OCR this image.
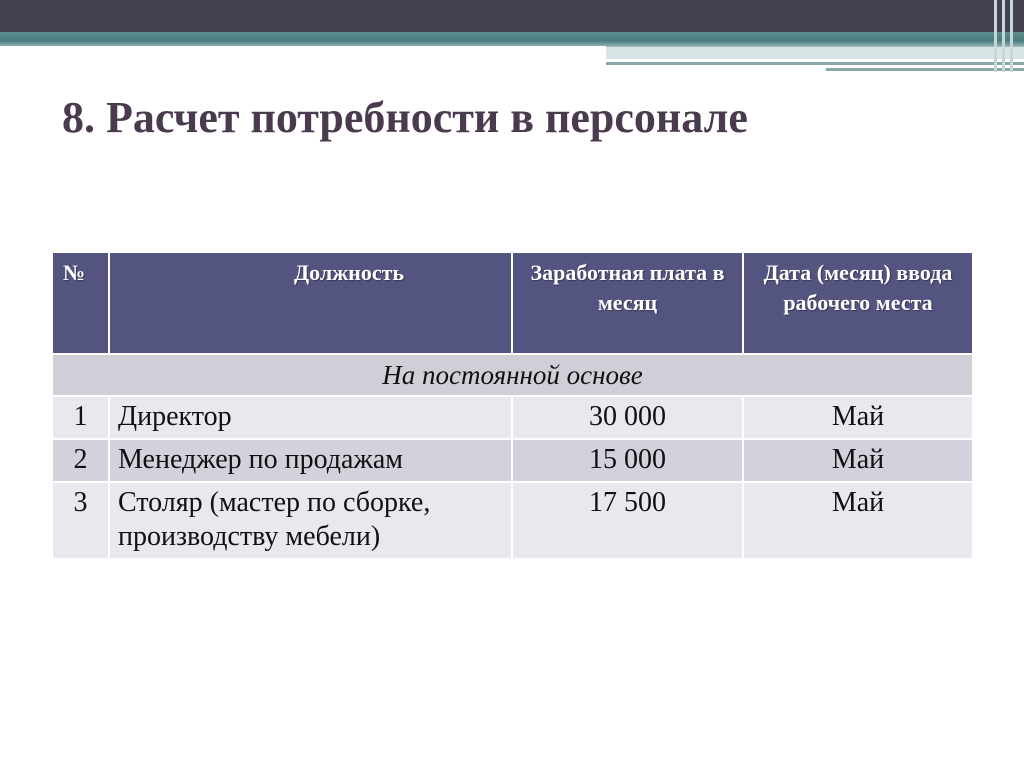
8. Расчет потребности в персонале
№	Должность	Заработная плата в месяц	Дата (месяц) ввода рабочего места
На постоянной основе			
1	Директор	30 000	Май
2	Менеджер по продажам	15 000	Май
3	Столяр (мастер по сборке, производству мебели)	17 500	Май
